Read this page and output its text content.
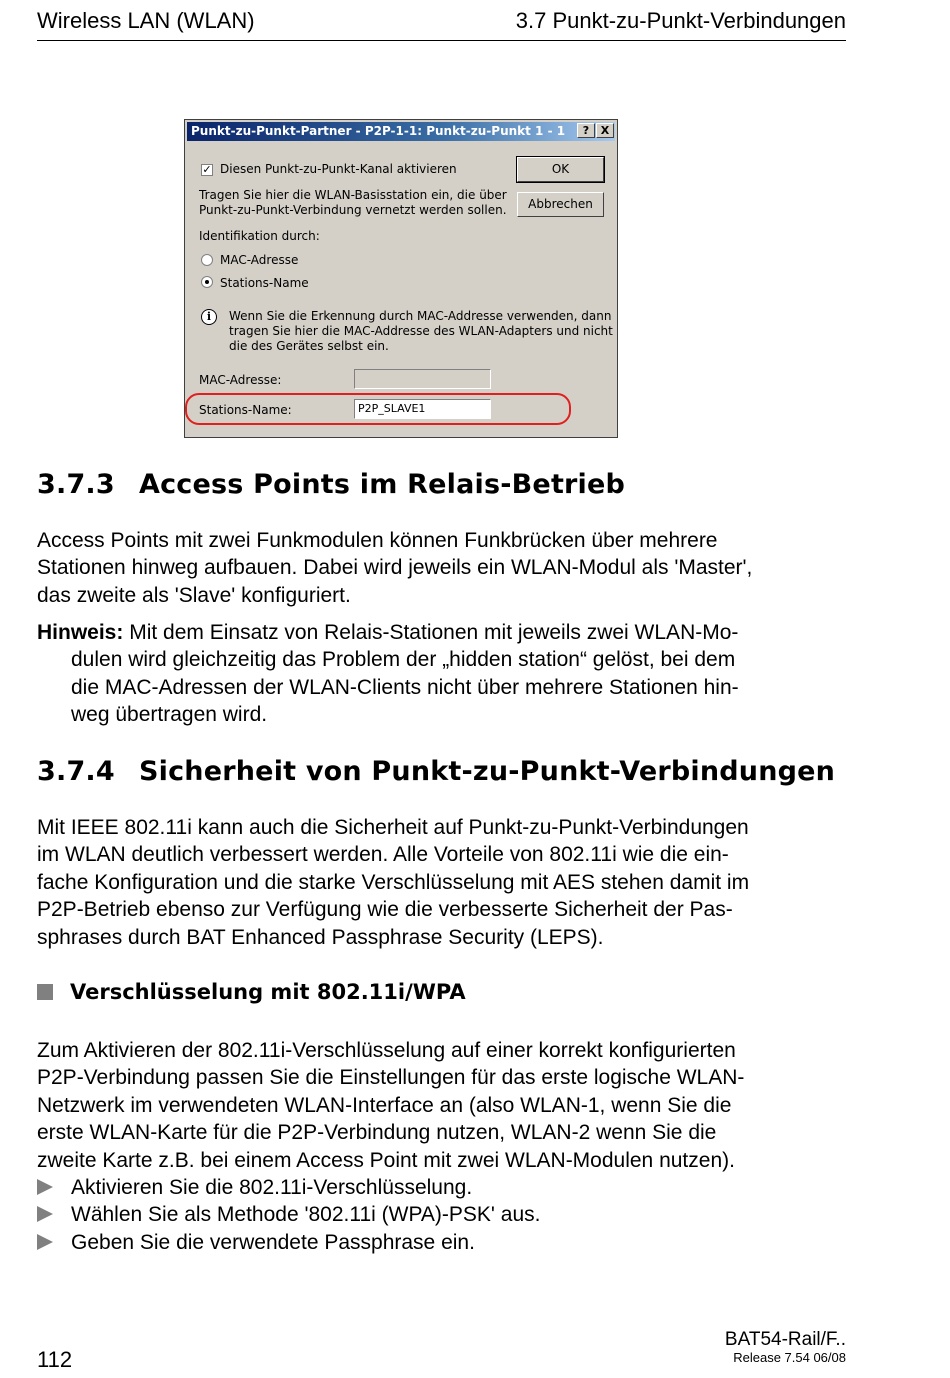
Wireless LAN (WLAN)	3.7 Punkt-zu-Punkt-Verbindungen
Punkt-zu-Punkt-Partner - P2P-1-1: Punkt-zu-Punkt 1 - 1	?	X
✓ Diesen Punkt-zu-Punkt-Kanal aktivieren
Tragen Sie hier die WLAN-Basisstation ein, die über
Punkt-zu-Punkt-Verbindung vernetzt werden sollen.
Identifikation durch:
MAC-Adresse
Stations-Name
i	Wenn Sie die Erkennung durch MAC-Addresse verwenden, dann
tragen Sie hier die MAC-Addresse des WLAN-Adapters und nicht
die des Gerätes selbst ein.
MAC-Adresse:
Stations-Name:	P2P_SLAVE1
OK
Abbrechen
3.7.3 Access Points im Relais-Betrieb
Access Points mit zwei Funkmodulen können Funkbrücken über mehrere
Stationen hinweg aufbauen. Dabei wird jeweils ein WLAN-Modul als 'Master',
das zweite als 'Slave' konfiguriert.
Hinweis: Mit dem Einsatz von Relais-Stationen mit jeweils zwei WLAN-Mo-
dulen wird gleichzeitig das Problem der „hidden station“ gelöst, bei dem
die MAC-Adressen der WLAN-Clients nicht über mehrere Stationen hin-
weg übertragen wird.
3.7.4 Sicherheit von Punkt-zu-Punkt-Verbindungen
Mit IEEE 802.11i kann auch die Sicherheit auf Punkt-zu-Punkt-Verbindungen
im WLAN deutlich verbessert werden. Alle Vorteile von 802.11i wie die ein-
fache Konfiguration und die starke Verschlüsselung mit AES stehen damit im
P2P-Betrieb ebenso zur Verfügung wie die verbesserte Sicherheit der Pas-
sphrases durch BAT Enhanced Passphrase Security (LEPS).
Verschlüsselung mit 802.11i/WPA
Zum Aktivieren der 802.11i-Verschlüsselung auf einer korrekt konfigurierten
P2P-Verbindung passen Sie die Einstellungen für das erste logische WLAN-
Netzwerk im verwendeten WLAN-Interface an (also WLAN-1, wenn Sie die
erste WLAN-Karte für die P2P-Verbindung nutzen, WLAN-2 wenn Sie die
zweite Karte z.B. bei einem Access Point mit zwei WLAN-Modulen nutzen).
Aktivieren Sie die 802.11i-Verschlüsselung.
Wählen Sie als Methode '802.11i (WPA)-PSK' aus.
Geben Sie die verwendete Passphrase ein.
112
BAT54-Rail/F..
Release 7.54 06/08
